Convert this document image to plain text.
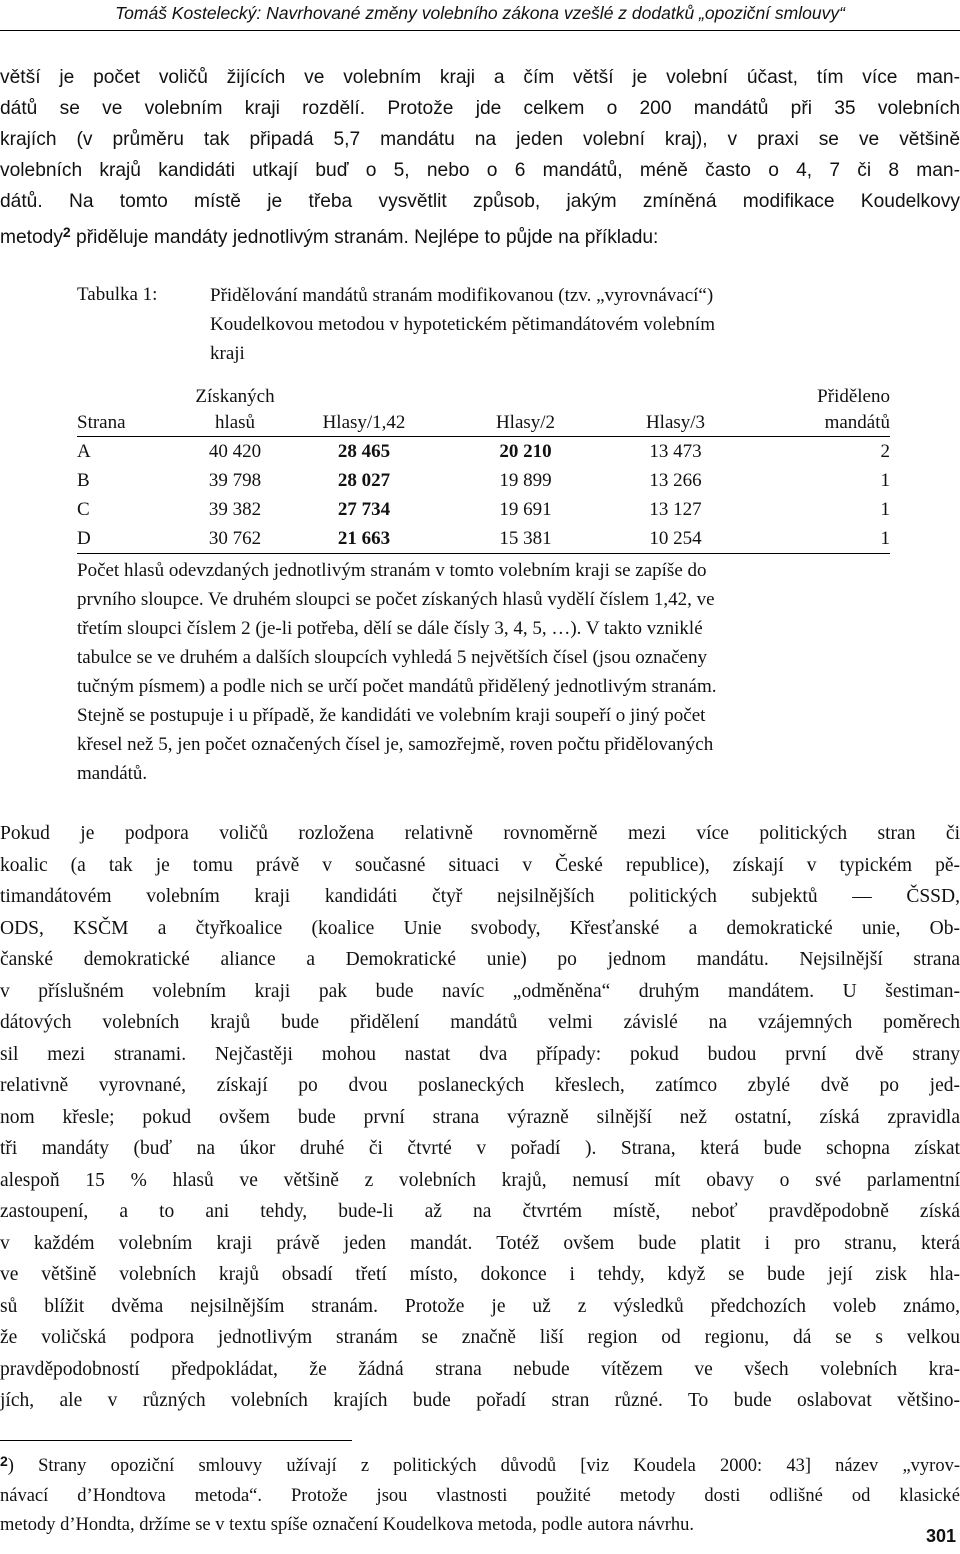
Tomáš Kostelecký: Navrhované změny volebního zákona vzešlé z dodatků „opoziční smlouvy“
větší je počet voličů žijících ve volebním kraji a čím větší je volební účast, tím více man-
dátů se ve volebním kraji rozdělí. Protože jde celkem o 200 mandátů při 35 volebních
krajích (v průměru tak připadá 5,7 mandátu na jeden volební kraj), v praxi se ve většině
volebních krajů kandidáti utkají buď o 5, nebo o 6 mandátů, méně často o 4, 7 či 8 man-
dátů. Na tomto místě je třeba vysvětlit způsob, jakým zmíněná modifikace Koudelkovy
metody$^2$ přiděluje mandáty jednotlivým stranám. Nejlépe to půjde na příkladu:
Tabulka 1:	Přidělování mandátů stranám modifikovanou (tzv. „vyrovnávací“)
Koudelkovou metodou v hypotetickém pětimandátovém volebním
kraji
Strana	Získaných
hlasů	Hlasy/1,42	Hlasy/2	Hlasy/3	Přiděleno
mandátů
A	40 420	28 465	20 210	13 473	2
B	39 798	28 027	19 899	13 266	1
C	39 382	27 734	19 691	13 127	1
D	30 762	21 663	15 381	10 254	1
Počet hlasů odevzdaných jednotlivým stranám v tomto volebním kraji se zapíše do
prvního sloupce. Ve druhém sloupci se počet získaných hlasů vydělí číslem 1,42, ve
třetím sloupci číslem 2 (je-li potřeba, dělí se dále čísly 3, 4, 5, …). V takto vzniklé
tabulce se ve druhém a dalších sloupcích vyhledá 5 největších čísel (jsou označeny
tučným písmem) a podle nich se určí počet mandátů přidělený jednotlivým stranám.
Stejně se postupuje i u případě, že kandidáti ve volebním kraji soupeří o jiný počet
křesel než 5, jen počet označených čísel je, samozřejmě, roven počtu přidělovaných
mandátů.
Pokud je podpora voličů rozložena relativně rovnoměrně mezi více politických stran či
koalic (a tak je tomu právě v současné situaci v České republice), získají v typickém pě-
timandátovém volebním kraji kandidáti čtyř nejsilnějších politických subjektů — ČSSD,
ODS, KSČM a čtyřkoalice (koalice Unie svobody, Křesťanské a demokratické unie, Ob-
čanské demokratické aliance a Demokratické unie) po jednom mandátu. Nejsilnější strana
v příslušném volebním kraji pak bude navíc „odměněna“ druhým mandátem. U šestiman-
dátových volebních krajů bude přidělení mandátů velmi závislé na vzájemných poměrech
sil mezi stranami. Nejčastěji mohou nastat dva případy: pokud budou první dvě strany
relativně vyrovnané, získají po dvou poslaneckých křeslech, zatímco zbylé dvě po jed-
nom křesle; pokud ovšem bude první strana výrazně silnější než ostatní, získá zpravidla
tři mandáty (buď na úkor druhé či čtvrté v pořadí ). Strana, která bude schopna získat
alespoň 15 % hlasů ve většině z volebních krajů, nemusí mít obavy o své parlamentní
zastoupení, a to ani tehdy, bude-li až na čtvrtém místě, neboť pravděpodobně získá
v každém volebním kraji právě jeden mandát. Totéž ovšem bude platit i pro stranu, která
ve většině volebních krajů obsadí třetí místo, dokonce i tehdy, když se bude její zisk hla-
sů blížit dvěma nejsilnějším stranám. Protože je už z výsledků předchozích voleb známo,
že voličská podpora jednotlivým stranám se značně liší region od regionu, dá se s velkou
pravděpodobností předpokládat, že žádná strana nebude vítězem ve všech volebních kra-
jích, ale v různých volebních krajích bude pořadí stran různé. To bude oslabovat většino-
$^2$) Strany opoziční smlouvy užívají z politických důvodů [viz Koudela 2000: 43] název „vyrov-
návací d’Hondtova metoda“. Protože jsou vlastnosti použité metody dosti odlišné od klasické
metody d’Hondta, držíme se v textu spíše označení Koudelkova metoda, podle autora návrhu.
301
